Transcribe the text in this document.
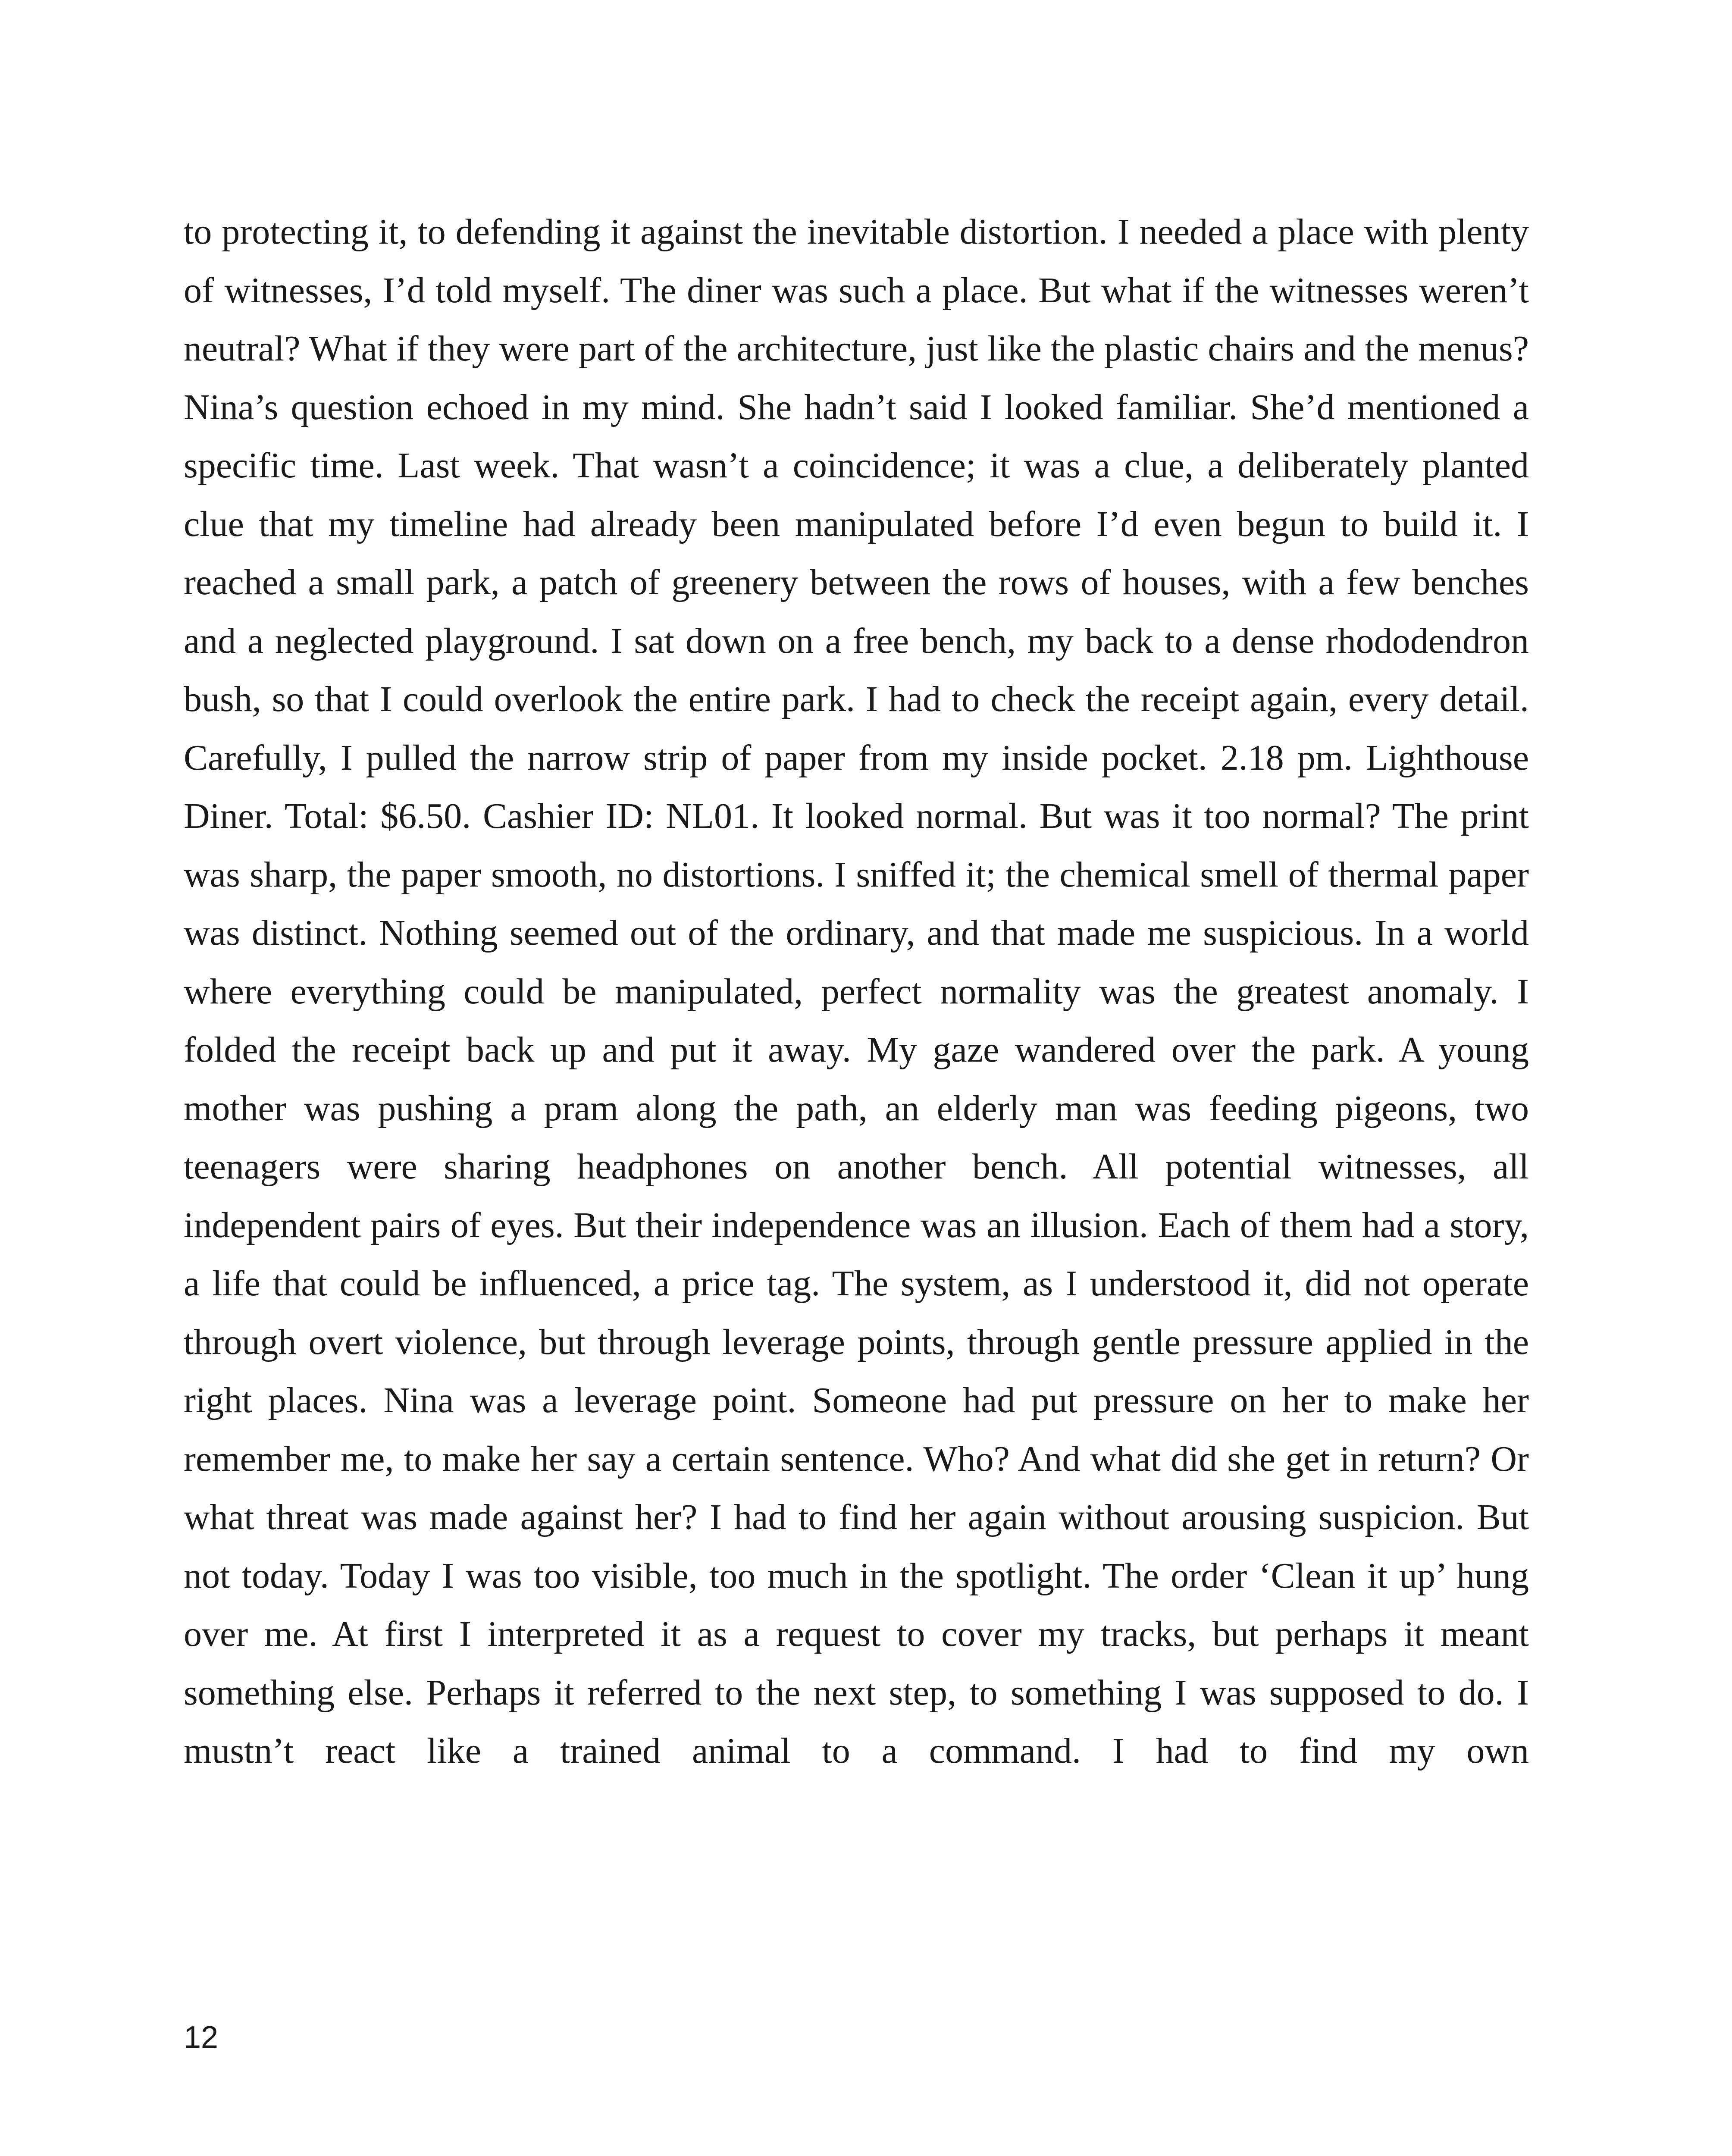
to protecting it, to defending it against the inevitable distortion. I needed a place with plenty of witnesses, I’d told myself. The diner was such a place. But what if the witnesses weren’t neutral? What if they were part of the architecture, just like the plastic chairs and the menus? Nina’s question echoed in my mind. She hadn’t said I looked familiar. She’d mentioned a specific time. Last week. That wasn’t a coincidence; it was a clue, a deliberately planted clue that my timeline had already been manipulated before I’d even begun to build it. I reached a small park, a patch of greenery between the rows of houses, with a few benches and a neglected playground. I sat down on a free bench, my back to a dense rhododendron bush, so that I could overlook the entire park. I had to check the receipt again, every detail. Carefully, I pulled the narrow strip of paper from my inside pocket. 2.18 pm. Lighthouse Diner. Total: $6.50. Cashier ID: NL01. It looked normal. But was it too normal? The print was sharp, the paper smooth, no distortions. I sniffed it; the chemical smell of thermal paper was distinct. Nothing seemed out of the ordinary, and that made me suspicious. In a world where everything could be manipulated, perfect normality was the greatest anomaly. I folded the receipt back up and put it away. My gaze wandered over the park. A young mother was pushing a pram along the path, an elderly man was feeding pigeons, two teenagers were sharing headphones on another bench. All potential witnesses, all independent pairs of eyes. But their independence was an illusion. Each of them had a story, a life that could be influenced, a price tag. The system, as I understood it, did not operate through overt violence, but through leverage points, through gentle pressure applied in the right places. Nina was a leverage point. Someone had put pressure on her to make her remember me, to make her say a certain sentence. Who? And what did she get in return? Or what threat was made against her? I had to find her again without arousing suspicion. But not today. Today I was too visible, too much in the spotlight. The order ‘Clean it up’ hung over me. At first I interpreted it as a request to cover my tracks, but perhaps it meant something else. Perhaps it referred to the next step, to something I was supposed to do. I mustn’t react like a trained animal to a command. I had to find my own

12
